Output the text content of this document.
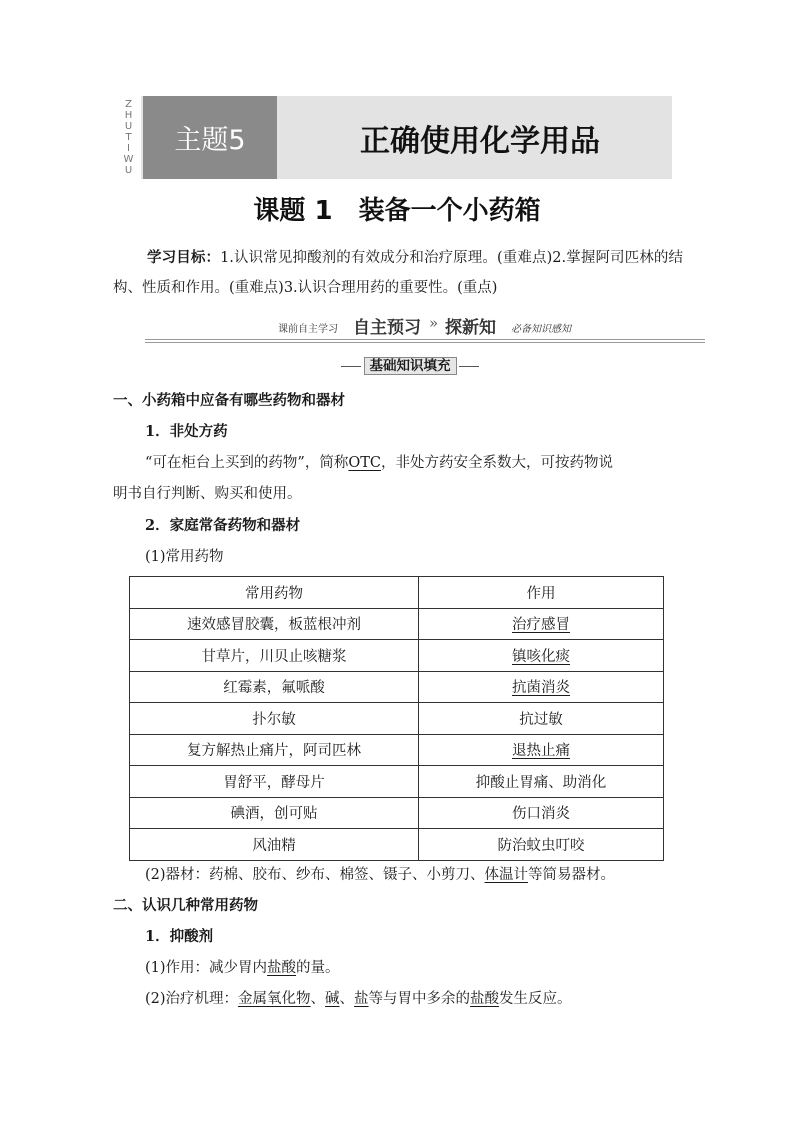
Z
H
U
T
I
W
U
主题5	正确使用化学用品
课题 1　装备一个小药箱
学习目标：1.认识常见抑酸剂的有效成分和治疗原理。(重难点)2.掌握阿司匹林的结构、性质和作用。(重难点)3.认识合理用药的重要性。(重点)
课前自主学习 自主预习 » 探新知 必备知识感知
基础知识填充
一、小药箱中应备有哪些药物和器材
1．非处方药
“可在柜台上买到的药物”，简称OTC，非处方药安全系数大，可按药物说
明书自行判断、购买和使用。
2．家庭常备药物和器材
(1)常用药物
常用药物	作用
速效感冒胶囊，板蓝根冲剂	治疗感冒
甘草片，川贝止咳糖浆	镇咳化痰
红霉素，氟哌酸	抗菌消炎
扑尔敏	抗过敏
复方解热止痛片，阿司匹林	退热止痛
胃舒平，酵母片	抑酸止胃痛、助消化
碘酒，创可贴	伤口消炎
风油精	防治蚊虫叮咬
(2)器材：药棉、胶布、纱布、棉签、镊子、小剪刀、体温计等简易器材。
二、认识几种常用药物
1．抑酸剂
(1)作用：减少胃内盐酸的量。
(2)治疗机理：金属氧化物、碱、盐等与胃中多余的盐酸发生反应。
